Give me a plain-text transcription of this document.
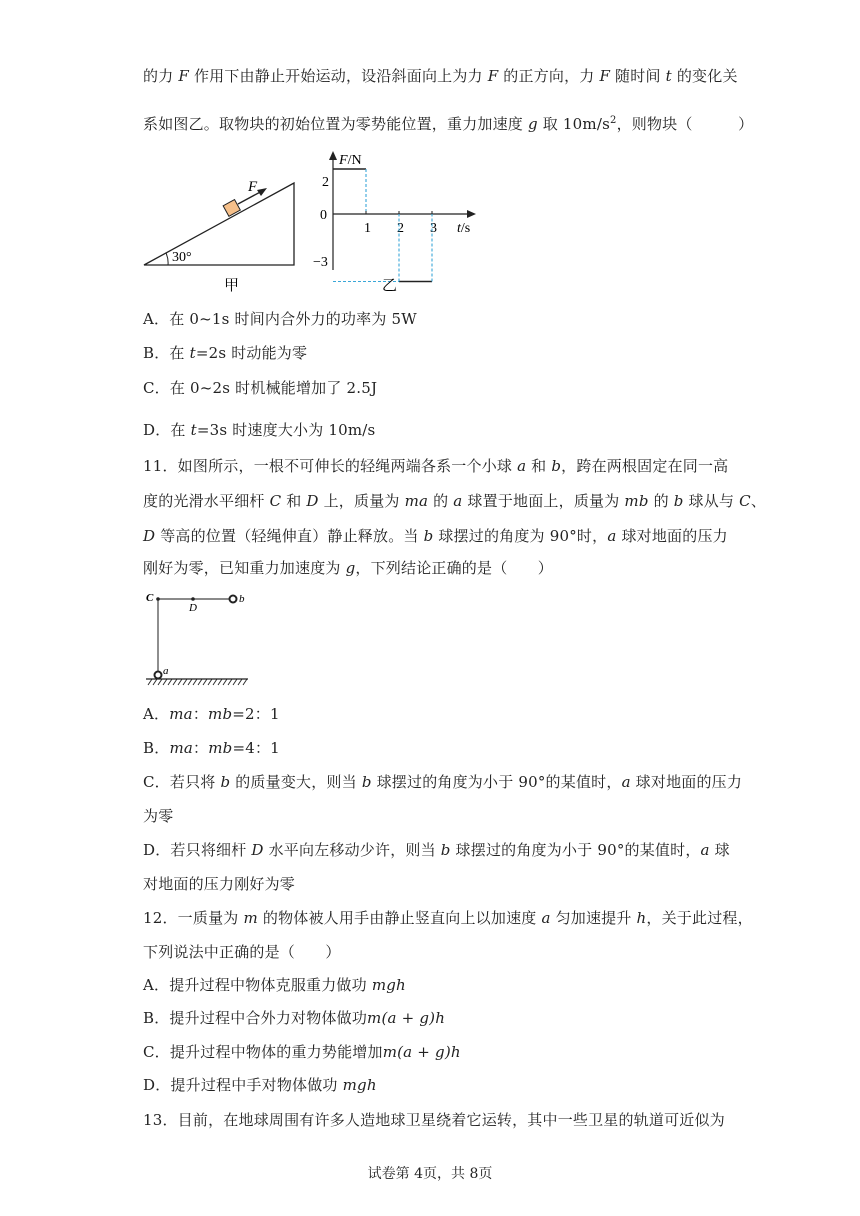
的力 F 作用下由静止开始运动，设沿斜面向上为力 F 的正方向，力 F 随时间 t 的变化关
系如图乙。取物块的初始位置为零势能位置，重力加速度 g 取 $10m/s^2$，则物块（　　　）
30°
F
甲
F/N
t/s
0
2
−3
1 2 3
乙
A．在 0~1s 时间内合外力的功率为 5W
B．在 t=2s 时动能为零
C．在 0~2s 时机械能增加了 2.5J
D．在 t=3s 时速度大小为 10m/s
11．如图所示，一根不可伸长的轻绳两端各系一个小球 a 和 b，跨在两根固定在同一高
度的光滑水平细杆 C 和 D 上，质量为 ma 的 a 球置于地面上，质量为 mb 的 b 球从与 C、
D 等高的位置（轻绳伸直）静止释放。当 b 球摆过的角度为 90°时，a 球对地面的压力
刚好为零，已知重力加速度为 g，下列结论正确的是（　　）
C
D
b
a
A．ma：mb=2：1
B．ma：mb=4：1
C．若只将 b 的质量变大，则当 b 球摆过的角度为小于 90°的某值时，a 球对地面的压力
为零
D．若只将细杆 D 水平向左移动少许，则当 b 球摆过的角度为小于 90°的某值时，a 球
对地面的压力刚好为零
12．一质量为 m 的物体被人用手由静止竖直向上以加速度 a 匀加速提升 h，关于此过程，
下列说法中正确的是（　　）
A．提升过程中物体克服重力做功 mgh
B．提升过程中合外力对物体做功m(a + g)h
C．提升过程中物体的重力势能增加m(a + g)h
D．提升过程中手对物体做功 mgh
13．目前，在地球周围有许多人造地球卫星绕着它运转，其中一些卫星的轨道可近似为
试卷第 4页，共 8页
